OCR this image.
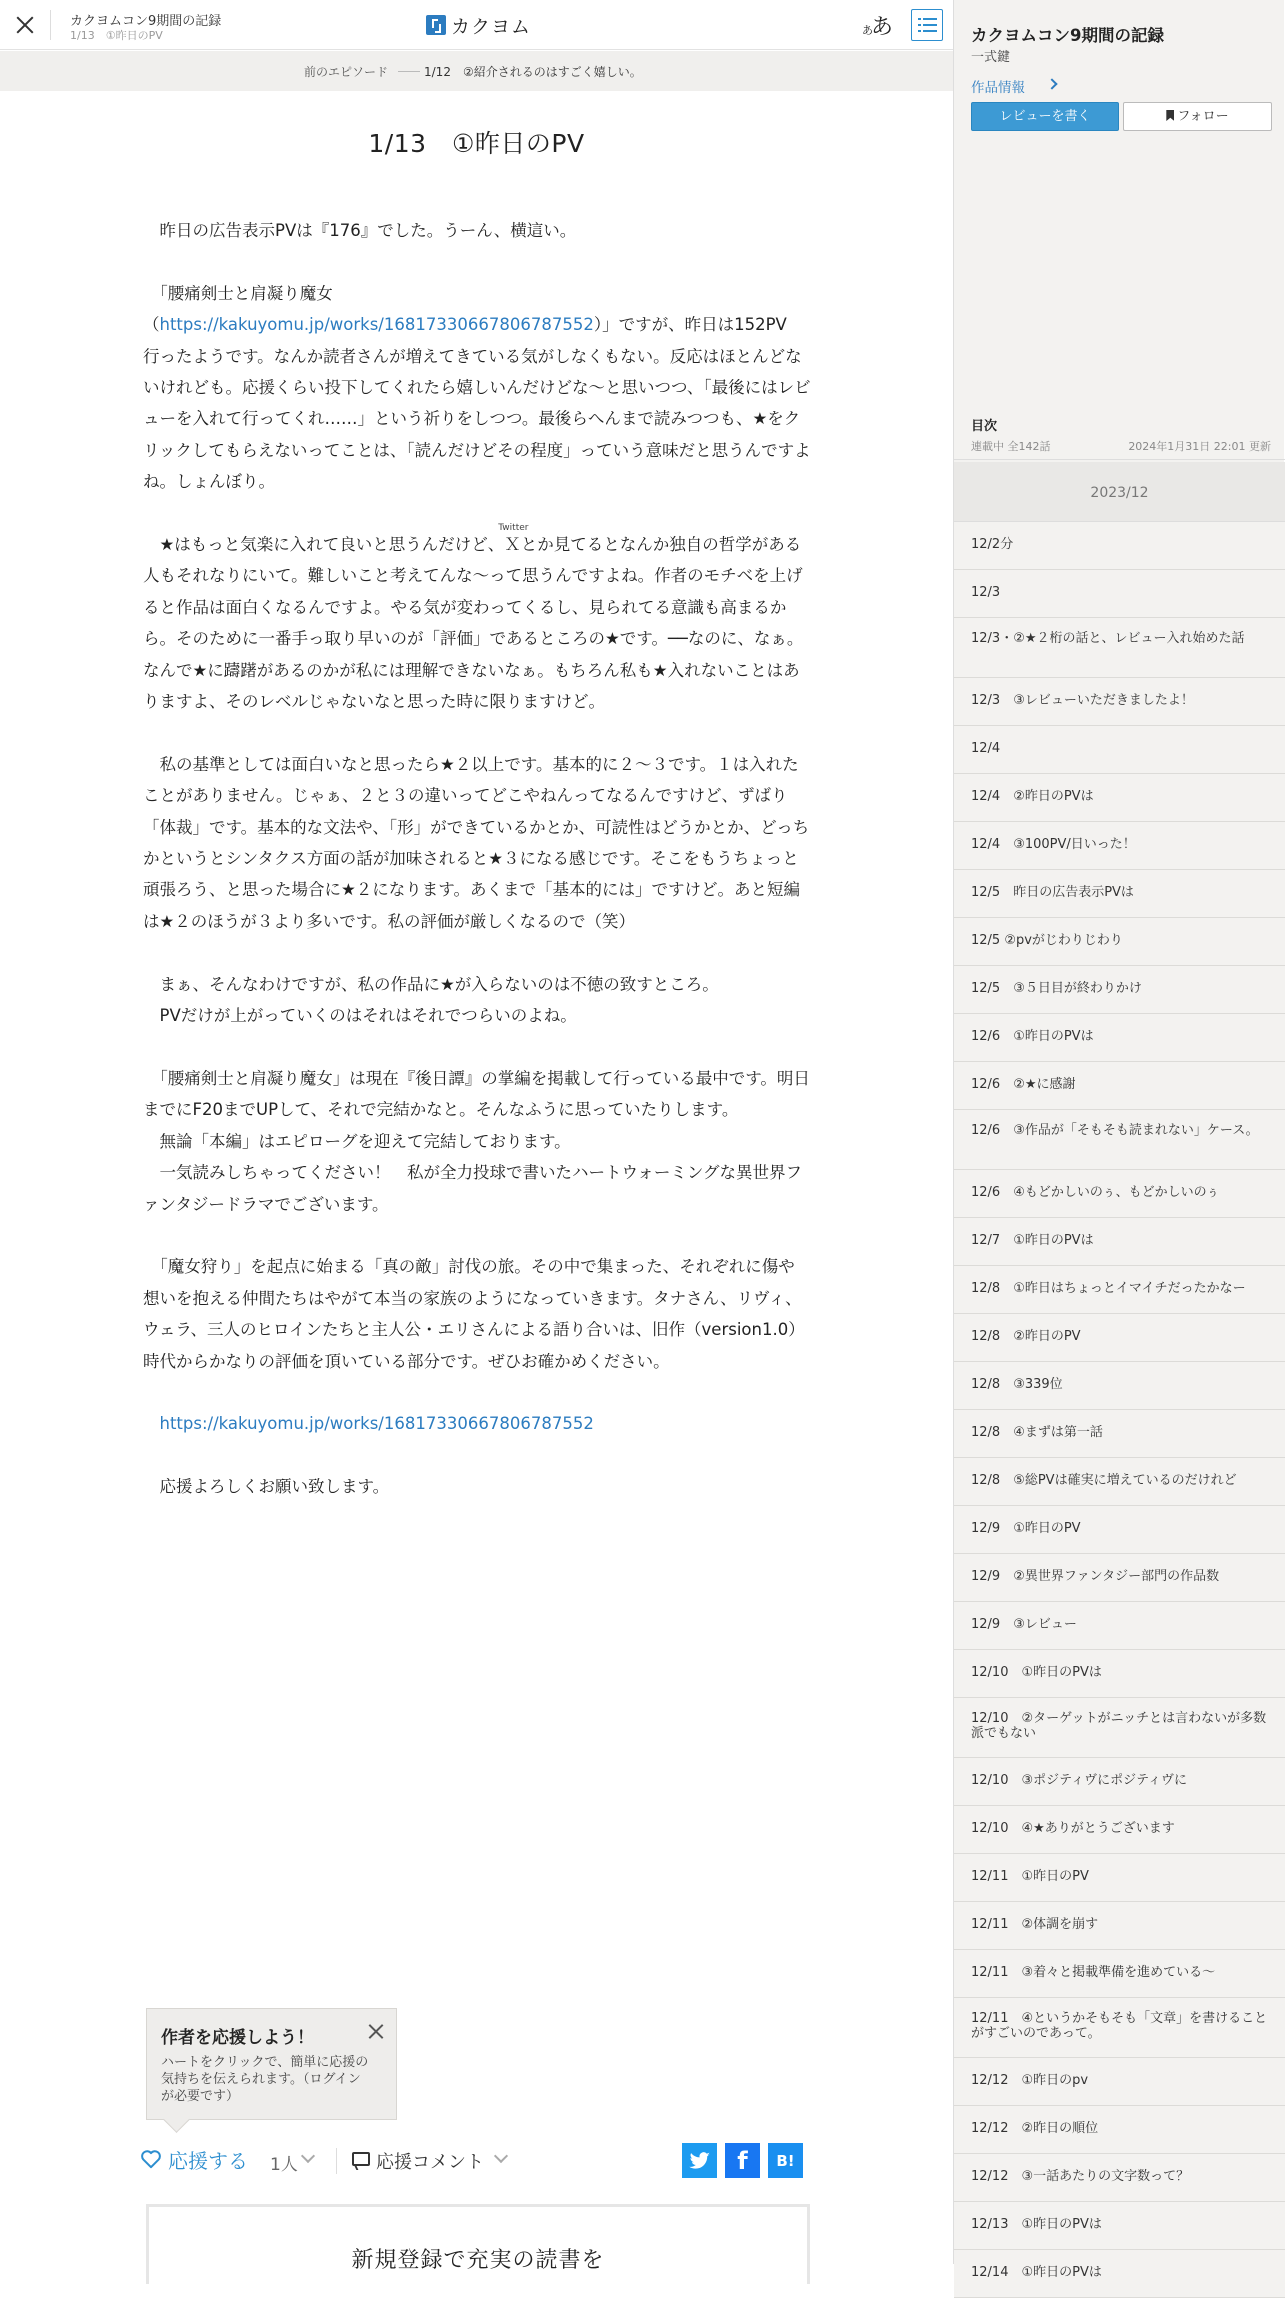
カクヨムコン9期間の記録
1/13　①昨日のPV	カクヨム	あ
あ
前のエピソード	1/12　②紹介されるのはすごく嬉しい。
1/13　①昨日のPV

　昨日の広告表示PVは『176』でした。うーん、横這い。

　「腰痛剣士と肩凝り魔女

（https://kakuyomu.jp/works/16817330667806787552）」ですが、昨日は152PV
行ったようです。なんか読者さんが増えてきている気がしなくもない。反応はほとんどないけれども。応援くらい投下してくれたら嬉しいんだけどな〜と思いつつ、「最後にはレビューを入れて行ってくれ……」という祈りをしつつ。最後らへんまで読みつつも、★をクリックしてもらえないってことは、「読んだけどその程度」っていう意味だと思うんですよね。しょんぼり。

　★はもっと気楽に入れて良いと思うんだけど、
Twitter
Ｘとか見てるとなんか独自の哲学がある人もそれなりにいて。難しいこと考えてんな〜って思うんですよね。作者のモチベを上げると作品は面白くなるんですよ。やる気が変わってくるし、見られてる意識も高まるから。そのために一番手っ取り早いのが「評価」であるところの★です。──なのに、なぁ。なんで★に躊躇があるのかが私には理解できないなぁ。もちろん私も★入れないことはありますよ、そのレベルじゃないなと思った時に限りますけど。

　私の基準としては面白いなと思ったら★２以上です。基本的に２〜３です。１は入れたことがありません。じゃぁ、２と３の違いってどこやねんってなるんですけど、ずばり「体裁」です。基本的な文法や、「形」ができているかとか、可読性はどうかとか、どっちかというとシンタクス方面の話が加味されると★３になる感じです。そこをもうちょっと頑張ろう、と思った場合に★２になります。あくまで「基本的には」ですけど。あと短編は★２のほうが３より多いです。私の評価が厳しくなるので（笑）

　まぁ、そんなわけですが、私の作品に★が入らないのは不徳の致すところ。

　PVだけが上がっていくのはそれはそれでつらいのよね。

　「腰痛剣士と肩凝り魔女」は現在『後日譚』の掌編を掲載して行っている最中です。明日までにF20までUPして、それで完結かなと。そんなふうに思っていたりします。

　無論「本編」はエピローグを迎えて完結しております。

　一気読みしちゃってください！　私が全力投球で書いたハートウォーミングな異世界ファンタジードラマでございます。

　「魔女狩り」を起点に始まる「真の敵」討伐の旅。その中で集まった、それぞれに傷や想いを抱える仲間たちはやがて本当の家族のようになっていきます。タナさん、リヴィ、ウェラ、三人のヒロインたちと主人公・エリさんによる語り合いは、旧作（version1.0）時代からかなりの評価を頂いている部分です。ぜひお確かめください。

　https://kakuyomu.jp/works/16817330667806787552

　応援よろしくお願い致します。

作者を応援しよう！
ハートをクリックで、簡単に応援の気持ちを伝えられます。（ログインが必要です）
応援する 1人	応援コメント	f	B!
新規登録で充実の読書を
カクヨムコン9期間の記録
一式鍵
作品情報
レビューを書く	フォロー
目次
連載中 全142話	2024年1月31日 22:01 更新
2023/12
12/2分
12/3
12/3・②★２桁の話と、レビュー入れ始めた話
12/3　③レビューいただきましたよ！
12/4
12/4　②昨日のPVは
12/4　③100PV/日いった！
12/5　昨日の広告表示PVは
12/5 ②pvがじわりじわり
12/5　③５日目が終わりかけ
12/6　①昨日のPVは
12/6　②★に感謝
12/6　③作品が「そもそも読まれない」ケース。
12/6　④もどかしいのぅ、もどかしいのぅ
12/7　①昨日のPVは
12/8　①昨日はちょっとイマイチだったかなー
12/8　②昨日のPV
12/8　③339位
12/8　④まずは第一話
12/8　⑤総PVは確実に増えているのだけれど
12/9　①昨日のPV
12/9　②異世界ファンタジー部門の作品数
12/9　③レビュー
12/10　①昨日のPVは
12/10　②ターゲットがニッチとは言わないが多数派でもない
12/10　③ポジティヴにポジティヴに
12/10　④★ありがとうございます
12/11　①昨日のPV
12/11　②体調を崩す
12/11　③着々と掲載準備を進めている〜
12/11　④というかそもそも「文章」を書けることがすごいのであって。
12/12　①昨日のpv
12/12　②昨日の順位
12/12　③一話あたりの文字数って？
12/13　①昨日のPVは
12/14　①昨日のPVは
